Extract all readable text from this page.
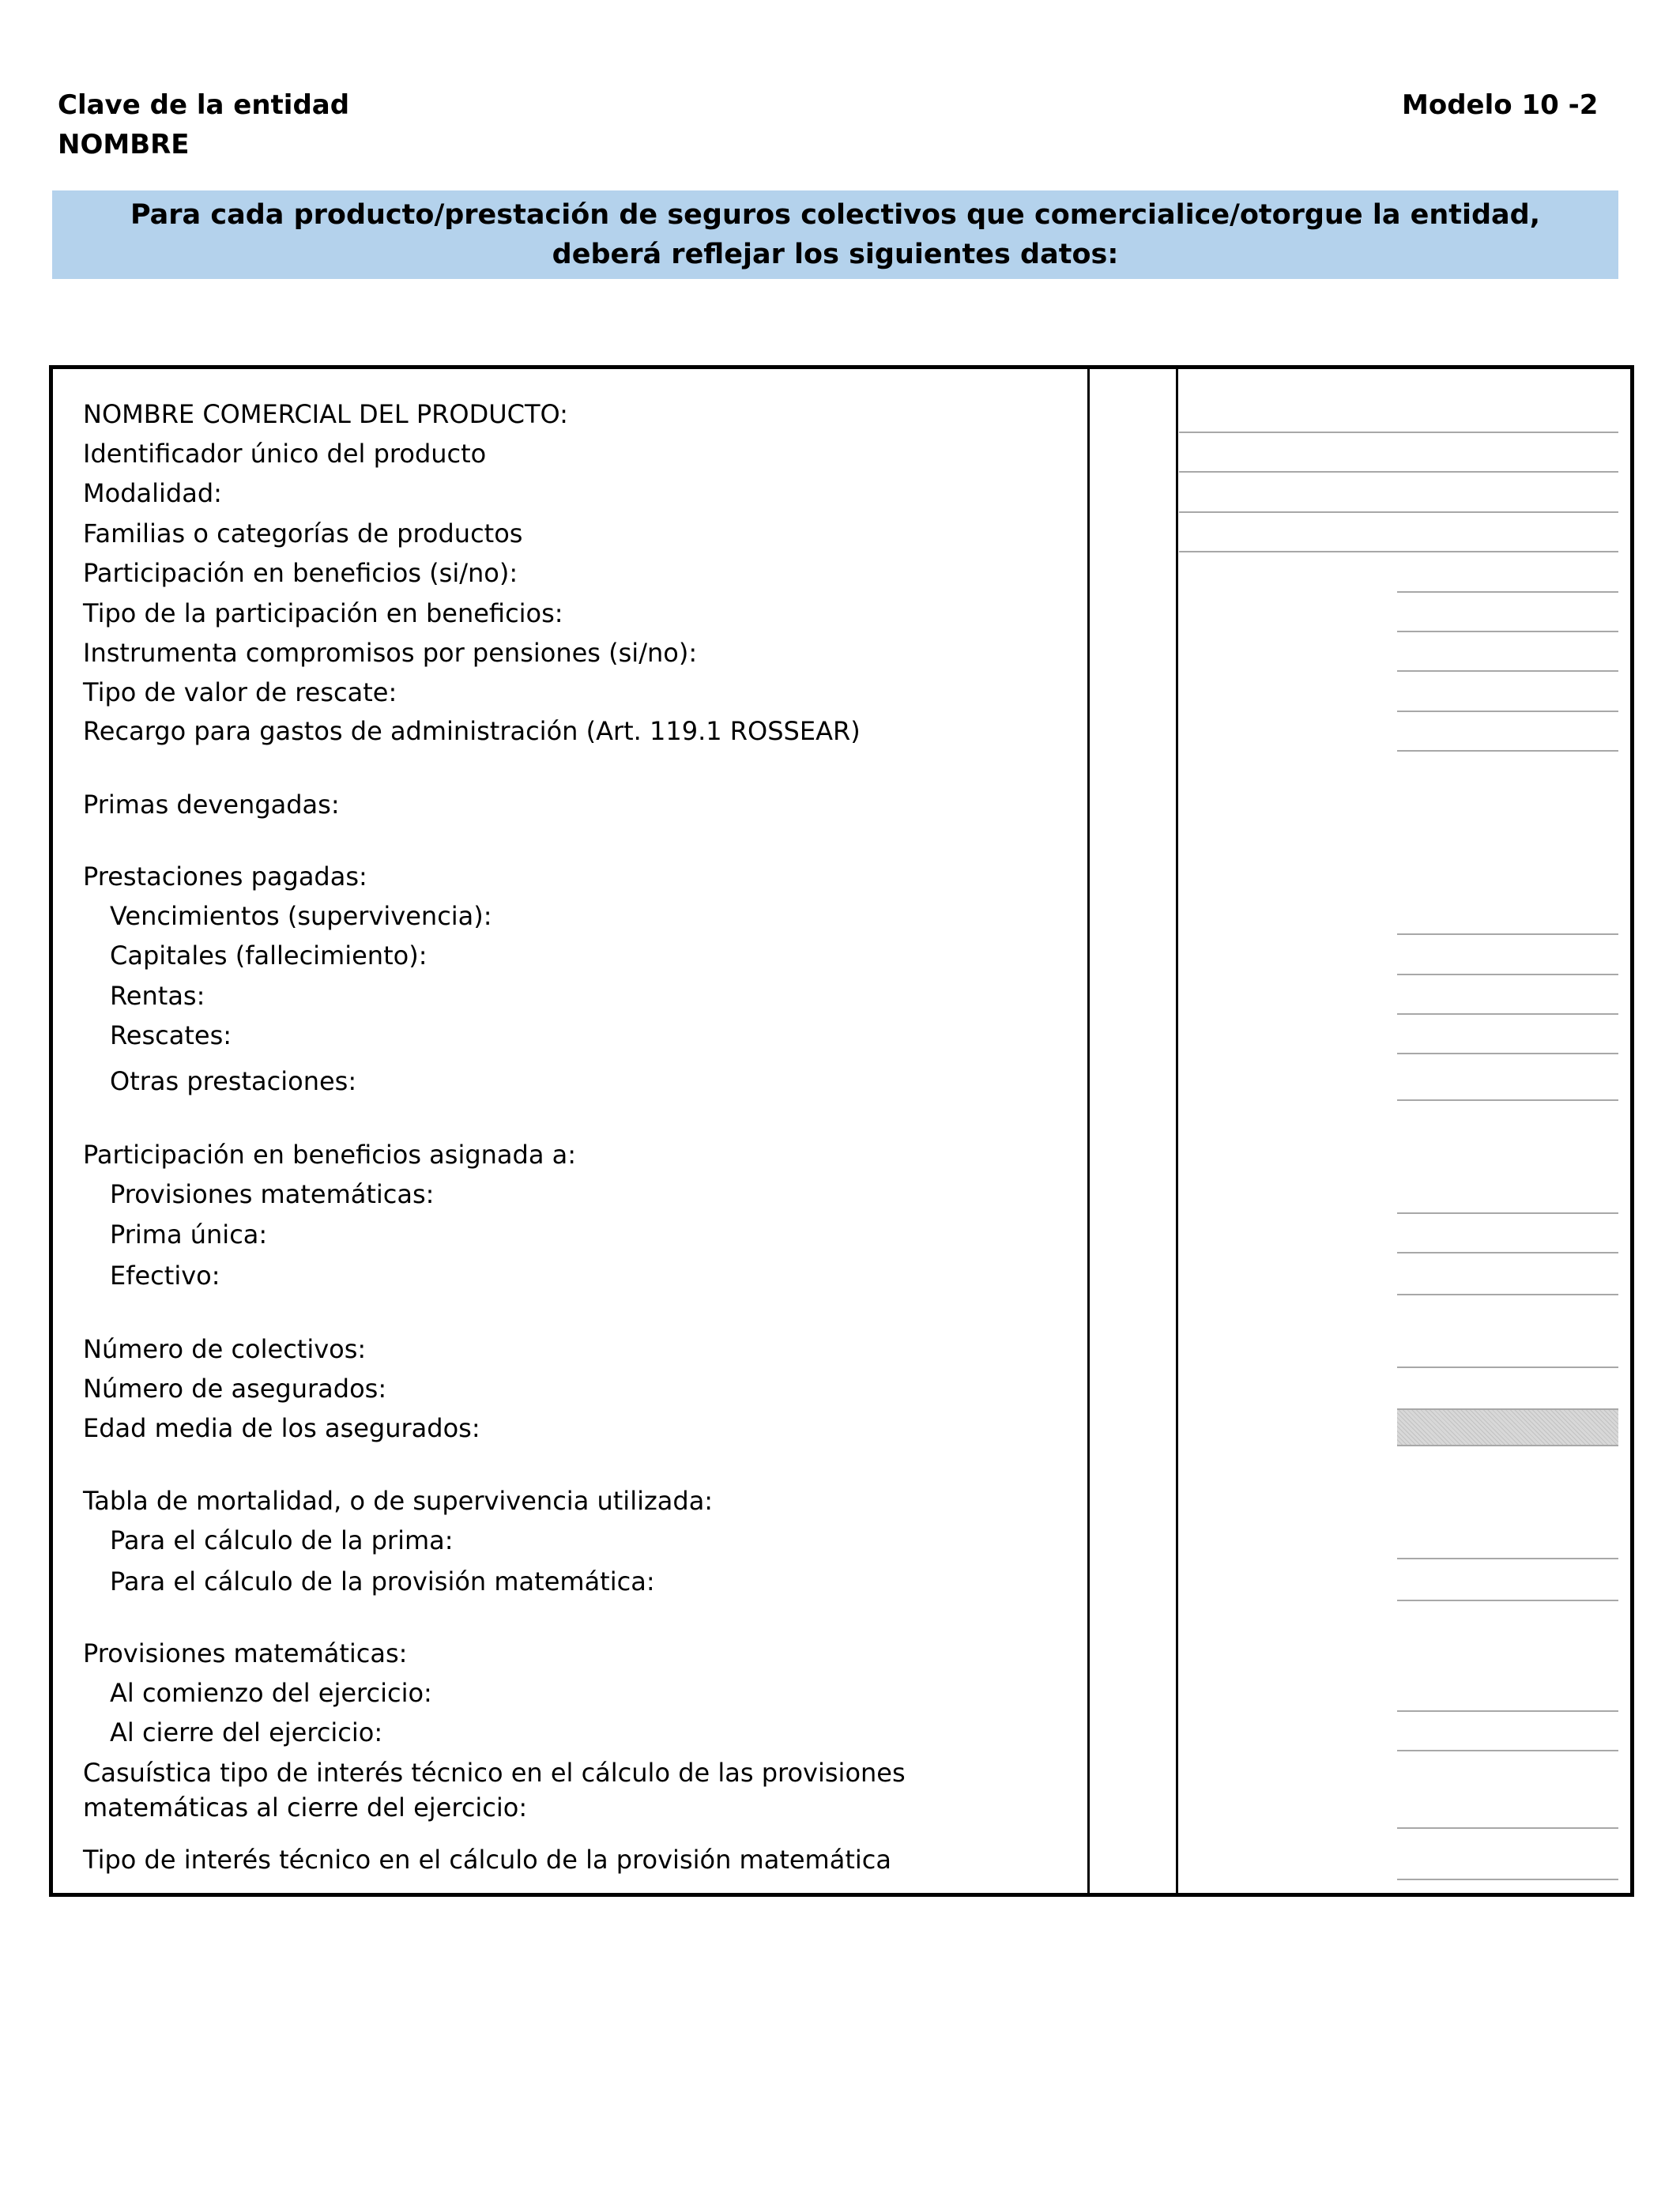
Clave de la entidad
NOMBRE
Modelo 10 -2
Para cada producto/prestación de seguros colectivos que comercialice/otorgue la entidad,
deberá reflejar los siguientes datos:
NOMBRE COMERCIAL DEL PRODUCTO:
Identificador único del producto
Modalidad:
Familias o categorías de productos
Participación en beneficios (si/no):
Tipo de la participación en beneficios:
Instrumenta compromisos por pensiones (si/no):
Tipo de valor de rescate:
Recargo para gastos de administración (Art. 119.1 ROSSEAR)
Primas devengadas:
Prestaciones pagadas:
Vencimientos (supervivencia):
Capitales (fallecimiento):
Rentas:
Rescates:
Otras prestaciones:
Participación en beneficios asignada a:
Provisiones matemáticas:
Prima única:
Efectivo:
Número de colectivos:
Número de asegurados:
Edad media de los asegurados:
Tabla de mortalidad, o de supervivencia utilizada:
Para el cálculo de la prima:
Para el cálculo de la provisión matemática:
Provisiones matemáticas:
Al comienzo del ejercicio:
Al cierre del ejercicio:
Casuística tipo de interés técnico en el cálculo de las provisiones
matemáticas al cierre del ejercicio:
Tipo de interés técnico en el cálculo de la provisión matemática
